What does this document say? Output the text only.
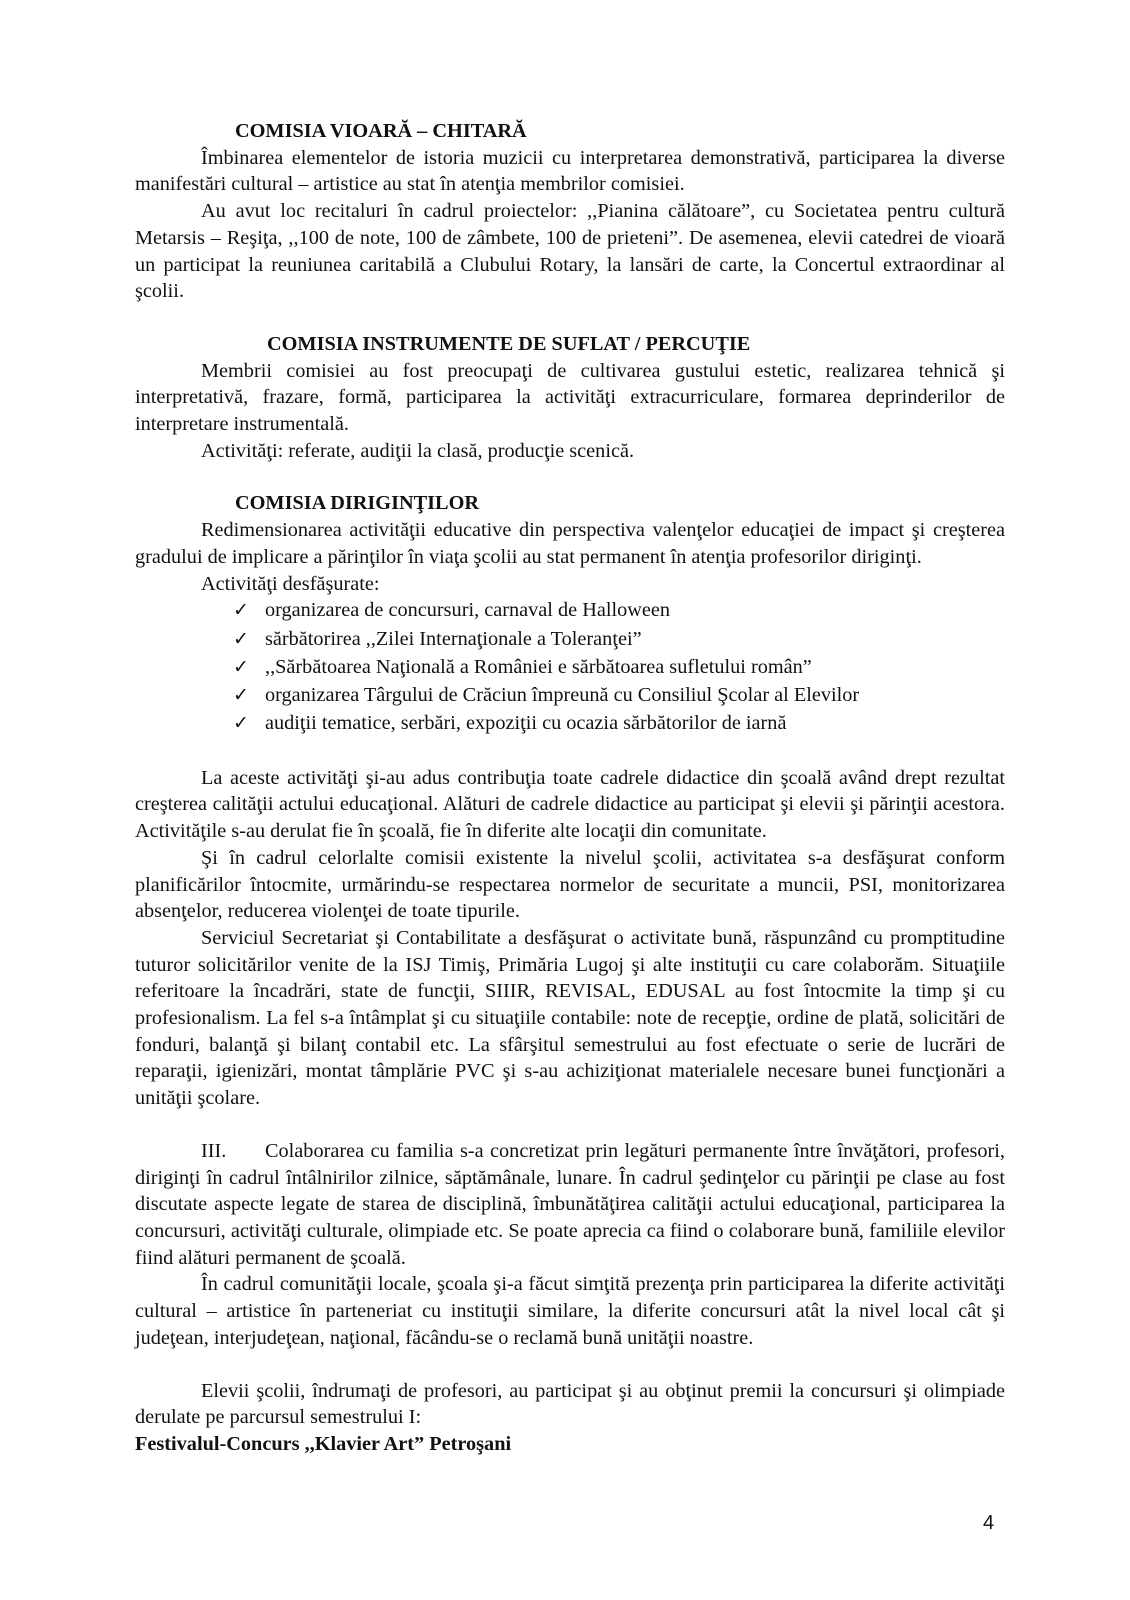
COMISIA VIOARĂ – CHITARĂ

Îmbinarea elementelor de istoria muzicii cu interpretarea demonstrativă, participarea la diverse manifestări cultural – artistice au stat în atenţia membrilor comisiei.

Au avut loc recitaluri în cadrul proiectelor: ,,Pianina călătoare”, cu Societatea pentru cultură Metarsis – Reşiţa, ,,100 de note, 100 de zâmbete, 100 de prieteni”. De asemenea, elevii catedrei de vioară un participat la reuniunea caritabilă a Clubului Rotary, la lansări de carte, la Concertul extraordinar al şcolii.

COMISIA INSTRUMENTE DE SUFLAT / PERCUŢIE

Membrii comisiei au fost preocupaţi de cultivarea gustului estetic, realizarea tehnică şi interpretativă, frazare, formă, participarea la activităţi extracurriculare, formarea deprinderilor de interpretare instrumentală.

Activităţi: referate, audiţii la clasă, producţie scenică.

COMISIA DIRIGINŢILOR

Redimensionarea activităţii educative din perspectiva valenţelor educaţiei de impact şi creşterea gradului de implicare a părinţilor în viaţa şcolii au stat permanent în atenţia profesorilor diriginţi.

Activităţi desfăşurate:

✓ organizarea de concursuri, carnaval de Halloween
✓ sărbătorirea ,,Zilei Internaţionale a Toleranţei”
✓ ,,Sărbătoarea Naţională a României e sărbătoarea sufletului român”
✓ organizarea Târgului de Crăciun împreună cu Consiliul Şcolar al Elevilor
✓ audiţii tematice, serbări, expoziţii cu ocazia sărbătorilor de iarnă

La aceste activităţi şi-au adus contribuţia toate cadrele didactice din şcoală având drept rezultat creşterea calităţii actului educaţional. Alături de cadrele didactice au participat şi elevii şi părinţii acestora. Activităţile s-au derulat fie în şcoală, fie în diferite alte locaţii din comunitate.

Şi în cadrul celorlalte comisii existente la nivelul şcolii, activitatea s-a desfăşurat conform planificărilor întocmite, urmărindu-se respectarea normelor de securitate a muncii, PSI, monitorizarea absenţelor, reducerea violenţei de toate tipurile.

Serviciul Secretariat şi Contabilitate a desfăşurat o activitate bună, răspunzând cu promptitudine tuturor solicitărilor venite de la ISJ Timiş, Primăria Lugoj şi alte instituţii cu care colaborăm. Situaţiile referitoare la încadrări, state de funcţii, SIIIR, REVISAL, EDUSAL au fost întocmite la timp şi cu profesionalism. La fel s-a întâmplat şi cu situaţiile contabile: note de recepţie, ordine de plată, solicitări de fonduri, balanţă şi bilanţ contabil etc. La sfârşitul semestrului au fost efectuate o serie de lucrări de reparaţii, igienizări, montat tâmplărie PVC şi s-au achiziţionat materialele necesare bunei funcţionări a unităţii şcolare.

III. Colaborarea cu familia s-a concretizat prin legături permanente între învăţători, profesori, diriginţi în cadrul întâlnirilor zilnice, săptămânale, lunare. În cadrul şedinţelor cu părinţii pe clase au fost discutate aspecte legate de starea de disciplină, îmbunătăţirea calităţii actului educaţional, participarea la concursuri, activităţi culturale, olimpiade etc. Se poate aprecia ca fiind o colaborare bună, familiile elevilor fiind alături permanent de şcoală.

În cadrul comunităţii locale, şcoala şi-a făcut simţită prezenţa prin participarea la diferite activităţi cultural – artistice în parteneriat cu instituţii similare, la diferite concursuri atât la nivel local cât şi judeţean, interjudeţean, naţional, făcându-se o reclamă bună unităţii noastre.

Elevii şcolii, îndrumaţi de profesori, au participat şi au obţinut premii la concursuri şi olimpiade derulate pe parcursul semestrului I:

Festivalul-Concurs ,,Klavier Art” Petroşani

4
